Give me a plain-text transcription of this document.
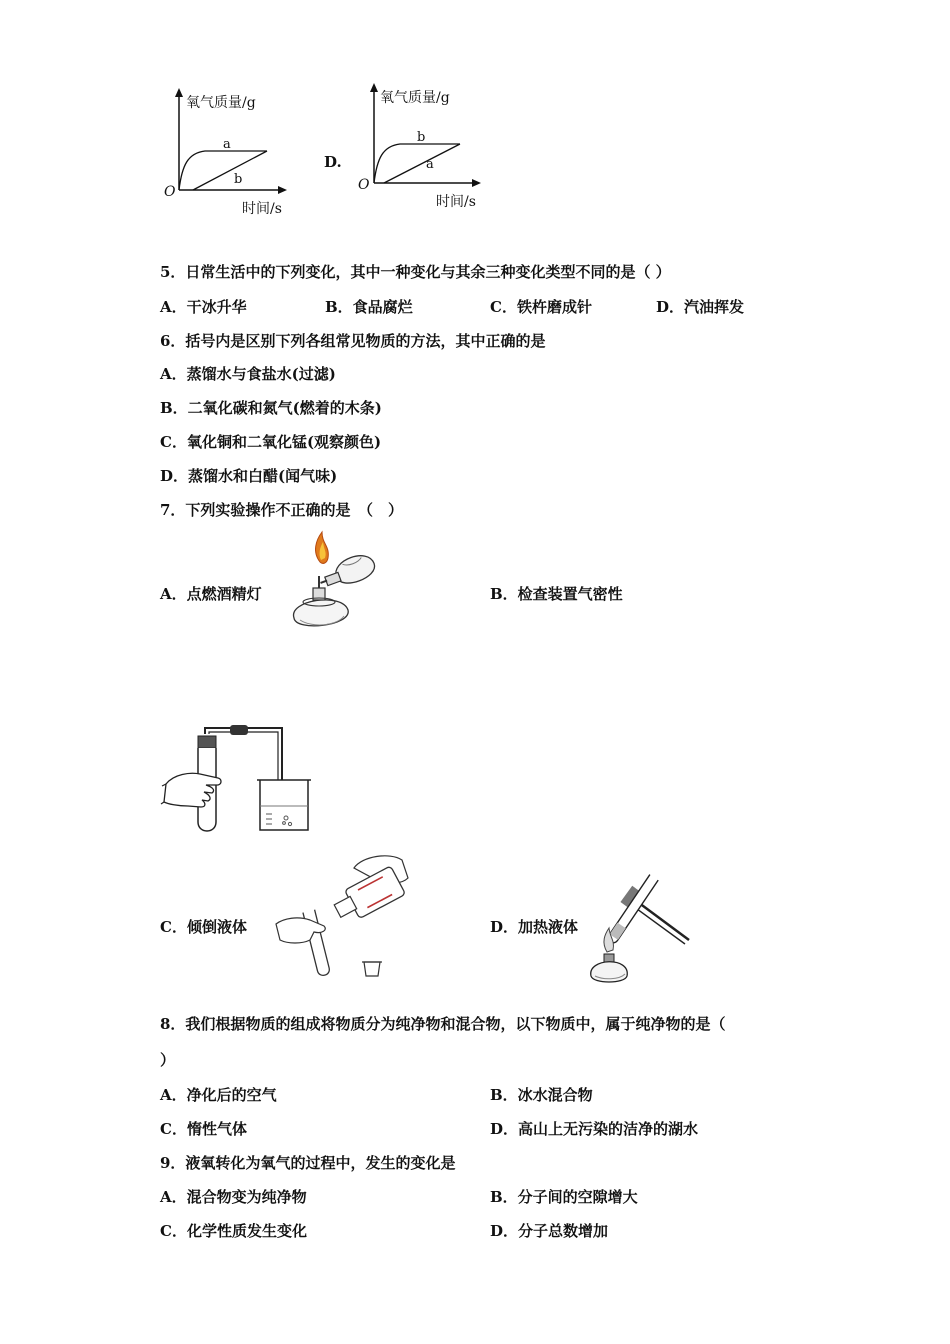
氧气质量/g
O
a
b
时间/s
D.
氧气质量/g
O
b
a
时间/s
5．日常生活中的下列变化，其中一种变化与其余三种变化类型不同的是（ ）
A．干冰升华	B．食品腐烂	C．铁杵磨成针	D．汽油挥发
6．括号内是区别下列各组常见物质的方法，其中正确的是
A．蒸馏水与食盐水(过滤)
B．二氧化碳和氮气(燃着的木条)
C．氧化铜和二氧化锰(观察颜色)
D．蒸馏水和白醋(闻气味)
7．下列实验操作不正确的是　（　）
A．点燃酒精灯	B．检查装置气密性
C．倾倒液体	D．加热液体
8．我们根据物质的组成将物质分为纯净物和混合物，以下物质中，属于纯净物的是（
）
A．净化后的空气	B．冰水混合物
C．惰性气体	D．高山上无污染的洁净的湖水
9．液氧转化为氧气的过程中，发生的变化是
A．混合物变为纯净物	B．分子间的空隙增大
C．化学性质发生变化	D．分子总数增加
